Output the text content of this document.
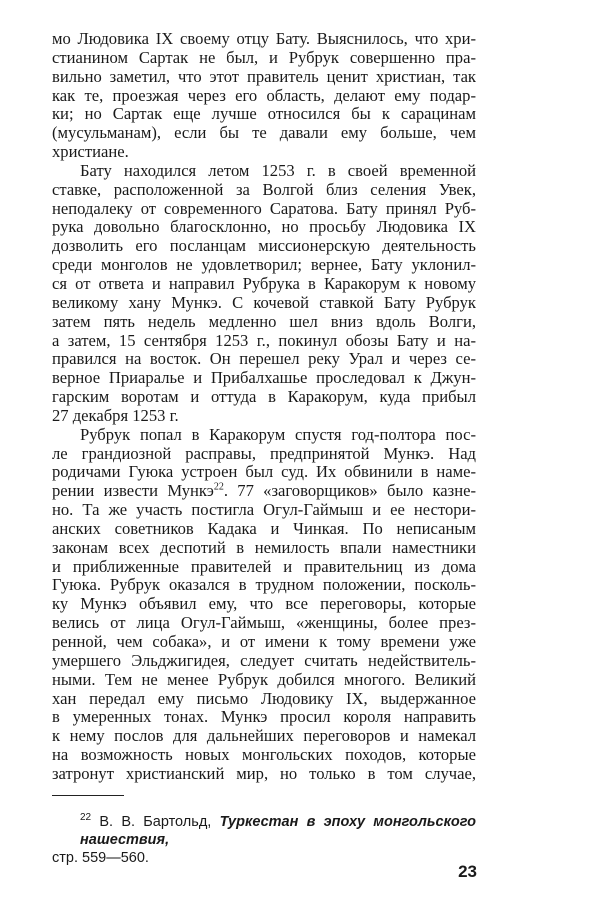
мо Людовика IX своему отцу Бату. Выяснилось, что хри-
стианином Сартак не был, и Рубрук совершенно пра-
вильно заметил, что этот правитель ценит христиан, так
как те, проезжая через его область, делают ему подар-
ки; но Сартак еще лучше относился бы к сарацинам
(мусульманам), если бы те давали ему больше, чем
христиане.
Бату находился летом 1253 г. в своей временной
ставке, расположенной за Волгой близ селения Увек,
неподалеку от современного Саратова. Бату принял Руб-
рука довольно благосклонно, но просьбу Людовика IX
дозволить его посланцам миссионерскую деятельность
среди монголов не удовлетворил; вернее, Бату уклонил-
ся от ответа и направил Рубрука в Каракорум к новому
великому хану Мункэ. С кочевой ставкой Бату Рубрук
затем пять недель медленно шел вниз вдоль Волги,
а затем, 15 сентября 1253 г., покинул обозы Бату и на-
правился на восток. Он перешел реку Урал и через се-
верное Приаралье и Прибалхашье проследовал к Джун-
гарским воротам и оттуда в Каракорум, куда прибыл
27 декабря 1253 г.
Рубрук попал в Каракорум спустя год-полтора пос-
ле грандиозной расправы, предпринятой Мункэ. Над
родичами Гуюка устроен был суд. Их обвинили в наме-
рении извести Мункэ$^{22}$. 77 «заговорщиков» было казне-
но. Та же участь постигла Огул-Гаймыш и ее нестори-
анских советников Кадака и Чинкая. По неписаным
законам всех деспотий в немилость впали наместники
и приближенные правителей и правительниц из дома
Гуюка. Рубрук оказался в трудном положении, посколь-
ку Мункэ объявил ему, что все переговоры, которые
велись от лица Огул-Гаймыш, «женщины, более през-
ренной, чем собака», и от имени к тому времени уже
умершего Эльджигидея, следует считать недействитель-
ными. Тем не менее Рубрук добился многого. Великий
хан передал ему письмо Людовику IX, выдержанное
в умеренных тонах. Мункэ просил короля направить
к нему послов для дальнейших переговоров и намекал
на возможность новых монгольских походов, которые
затронут христианский мир, но только в том случае,
$^{22}$ В. В. Бартольд, Туркестан в эпоху монгольского нашествия,
стр. 559—560.
23
